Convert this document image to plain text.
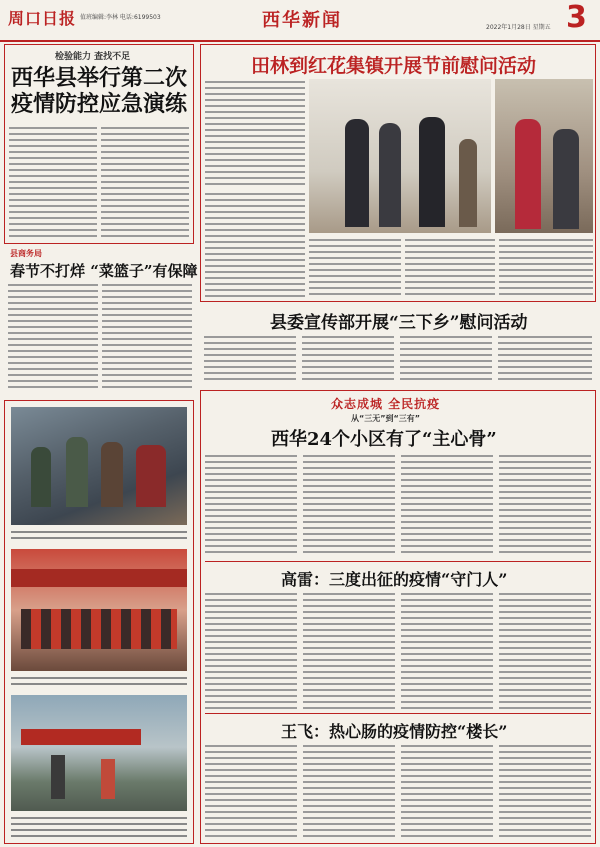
周口日报 值班编辑:李林 电话:6199503	西华新闻	2022年1月28日 星期五 3
检验能力 查找不足
西华县举行第二次
疫情防控应急演练
县商务局
春节不打烊 “菜篮子”有保障
田林到红花集镇开展节前慰问活动
县委宣传部开展“三下乡”慰问活动
众志成城 全民抗疫
从“三无”到“三有”
西华24个小区有了“主心骨”
高雷：三度出征的疫情“守门人”
王飞：热心肠的疫情防控“楼长”
